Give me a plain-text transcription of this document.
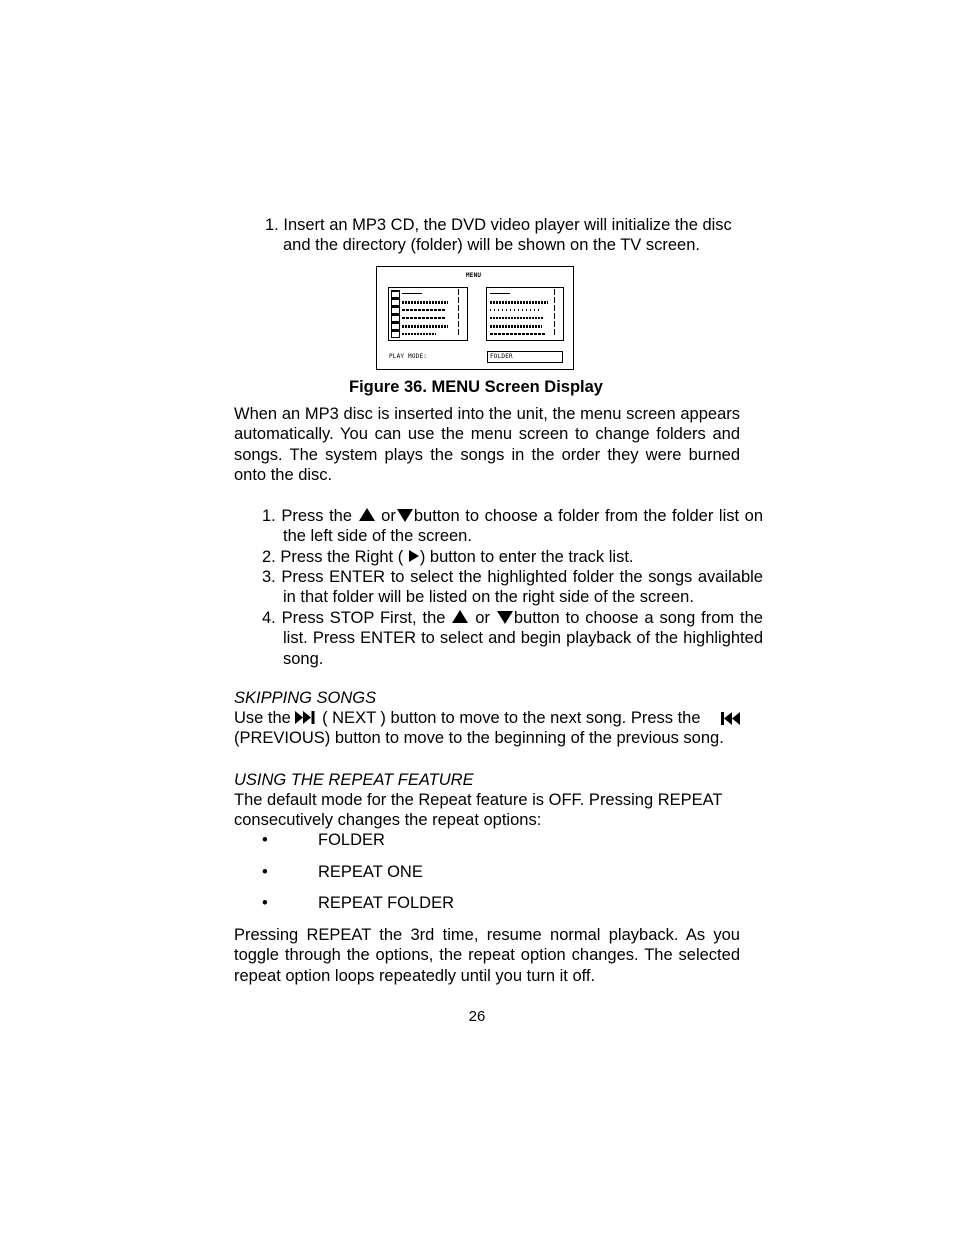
1. Insert an MP3 CD, the DVD video player will initialize the disc and the directory (folder) will be shown on the TV screen.
MENU
PLAY MODE:	FOLDER
Figure 36. MENU Screen Display
When an MP3 disc is inserted into the unit, the menu screen appears automatically. You can use the menu screen to change folders and songs. The system plays the songs in the order they were burned onto the disc.
1. Press the or button to choose a folder from the folder list on the left side of the screen.
2. Press the Right ( ) button to enter the track list.
3. Press ENTER to select the highlighted folder the songs available in that folder will be listed on the right side of the screen.
4. Press STOP First, the or button to choose a song from the list. Press ENTER to select and begin playback of the highlighted song.
SKIPPING SONGS
Use the ( NEXT ) button to move to the next song. Press the

(PREVIOUS) button to move to the beginning of the previous song.
USING THE REPEAT FEATURE
The default mode for the Repeat feature is OFF. Pressing REPEAT consecutively changes the repeat options:
•	FOLDER
•	REPEAT ONE
•	REPEAT FOLDER
Pressing REPEAT the 3rd time, resume normal playback. As you toggle through the options, the repeat option changes. The selected repeat option loops repeatedly until you turn it off.
26
